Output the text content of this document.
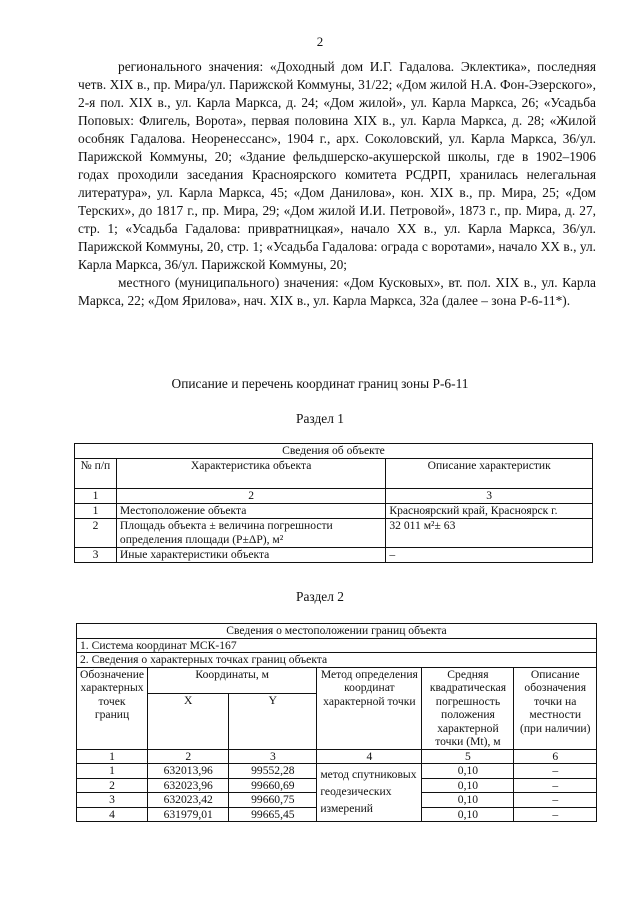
2

регионального значения: «Доходный дом И.Г. Гадалова. Эклектика», последняя четв. XIX в., пр. Мира/ул. Парижской Коммуны, 31/22; «Дом жилой Н.А. Фон-Эзерского», 2-я пол. XIX в., ул. Карла Маркса, д. 24; «Дом жилой», ул. Карла Маркса, 26; «Усадьба Поповых: Флигель, Ворота», первая половина XIX в., ул. Карла Маркса, д. 28; «Жилой особняк Гадалова. Неоренессанс», 1904 г., арх. Соколовский, ул. Карла Маркса, 36/ул. Парижской Коммуны, 20; «Здание фельдшерско-акушерской школы, где в 1902–1906 годах проходили заседания Красноярского комитета РСДРП, хранилась нелегальная литература», ул. Карла Маркса, 45; «Дом Данилова», кон. XIX в., пр. Мира, 25; «Дом Терских», до 1817 г., пр. Мира, 29; «Дом жилой И.И. Петровой», 1873 г., пр. Мира, д. 27, стр. 1; «Усадьба Гадалова: привратницкая», начало XX в., ул. Карла Маркса, 36/ул. Парижской Коммуны, 20, стр. 1; «Усадьба Гадалова: ограда с воротами», начало XX в., ул. Карла Маркса, 36/ул. Парижской Коммуны, 20;

местного (муниципального) значения: «Дом Кусковых», вт. пол. XIX в., ул. Карла Маркса, 22; «Дом Ярилова», нач. XIX в., ул. Карла Маркса, 32а (далее – зона Р-6-11*).

Описание и перечень координат границ зоны Р-6-11
Раздел 1
Сведения об объекте		
№ п/п	Характеристика объекта	Описание характеристик
1	2	3
1	Местоположение объекта	Красноярский край, Красноярск г.
2	Площадь объекта ± величина погрешности определения площади (P±ΔP), м²	32 011 м²± 63
3	Иные характеристики объекта	–
Раздел 2
Сведения о местоположении границ объекта					
1. Система координат МСК-167					
2. Сведения о характерных точках границ объекта					
Обозначение характерных точек границ	Координаты, м		Метод определения координат характерной точки	Средняя квадратическая погрешность положения характерной точки (Mt), м	Описание обозначения точки на местности (при наличии)
	X	Y			
1	2	3	4	5	6
1	632013,96	99552,28	метод спутниковых геодезических измерений	0,10	–
2	632023,96	99660,69		0,10	–
3	632023,42	99660,75		0,10	–
4	631979,01	99665,45		0,10	–
